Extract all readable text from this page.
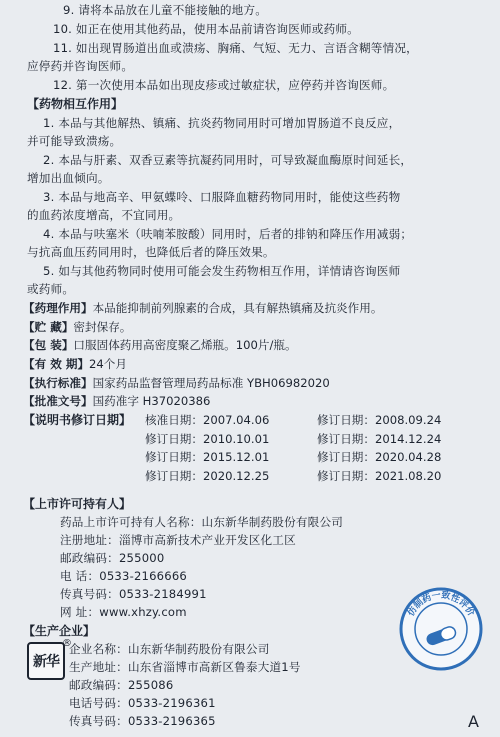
9. 请将本品放在儿童不能接触的地方。
10. 如正在使用其他药品，使用本品前请咨询医师或药师。
11. 如出现胃肠道出血或溃疡、胸痛、气短、无力、言语含糊等情况，
应停药并咨询医师。
12. 第一次使用本品如出现皮疹或过敏症状，应停药并咨询医师。
【药物相互作用】
1. 本品与其他解热、镇痛、抗炎药物同用时可增加胃肠道不良反应，
并可能导致溃疡。
2. 本品与肝素、双香豆素等抗凝药同用时，可导致凝血酶原时间延长，
增加出血倾向。
3. 本品与地高辛、甲氨蝶呤、口服降血糖药物同用时，能使这些药物
的血药浓度增高，不宜同用。
4. 本品与呋塞米（呋喃苯胺酸）同用时，后者的排钠和降压作用减弱；
与抗高血压药同用时，也降低后者的降压效果。
5. 如与其他药物同时使用可能会发生药物相互作用，详情请咨询医师
或药师。
【药理作用】本品能抑制前列腺素的合成，具有解热镇痛及抗炎作用。
【贮 藏】密封保存。
【包 装】口服固体药用高密度聚乙烯瓶。100片/瓶。
【有 效 期】24个月
【执行标准】国家药品监督管理局药品标准 YBH06982020
【批准文号】国药准字 H37020386
【说明书修订日期】 核准日期：2007.04.06	修订日期：2008.09.24
修订日期：2010.10.01	修订日期：2014.12.24
修订日期：2015.12.01	修订日期：2020.04.28
修订日期：2020.12.25	修订日期：2021.08.20
【上市许可持有人】
药品上市许可持有人名称：山东新华制药股份有限公司
注册地址：淄博市高新技术产业开发区化工区
邮政编码：255000
电 话：0533-2166666
传真号码：0533-2184991
网 址：www.xhzy.com
【生产企业】
新华
®
企业名称：山东新华制药股份有限公司
生产地址：山东省淄博市高新区鲁泰大道1号
邮政编码：255086
电话号码：0533-2196361
传真号码：0533-2196365
仿制药一致性评价
A
